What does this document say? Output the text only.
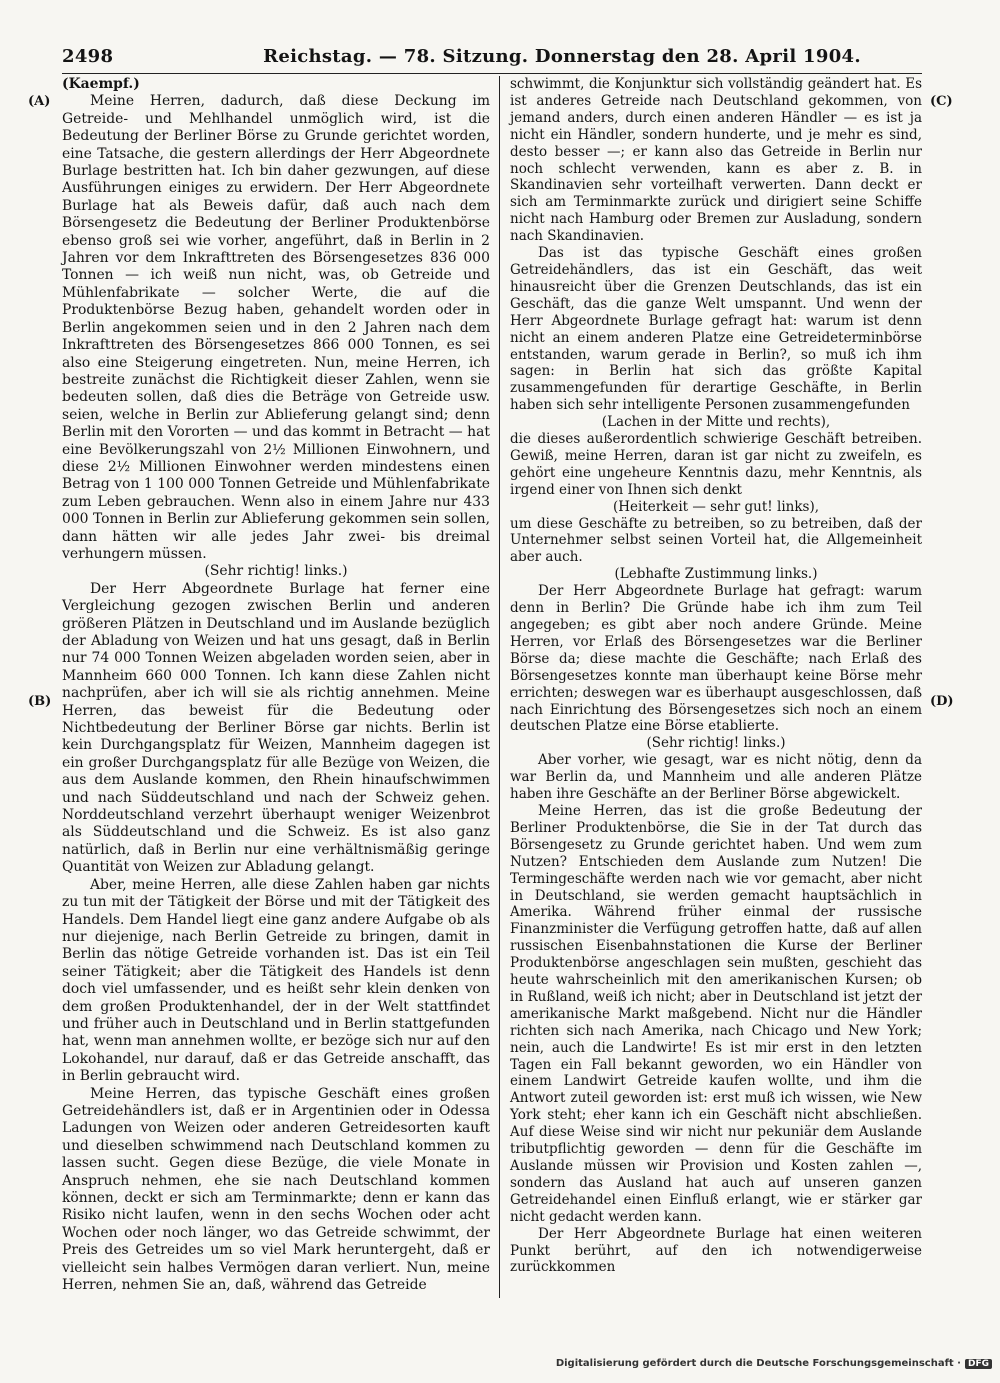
2498	Reichstag. — 78. Sitzung. Donnerstag den 28. April 1904.
(A)
(B)
(C)
(D)

(Kaempf.)

Meine Herren, dadurch, daß diese Deckung im Getreide- und Mehlhandel unmöglich wird, ist die Bedeutung der Berliner Börse zu Grunde gerichtet worden, eine Tatsache, die gestern allerdings der Herr Abgeordnete Burlage bestritten hat. Ich bin daher gezwungen, auf diese Ausführungen einiges zu erwidern. Der Herr Abgeordnete Burlage hat als Beweis dafür, daß auch nach dem Börsengesetz die Bedeutung der Berliner Produktenbörse ebenso groß sei wie vorher, angeführt, daß in Berlin in 2 Jahren vor dem Inkrafttreten des Börsengesetzes 836 000 Tonnen — ich weiß nun nicht, was, ob Getreide und Mühlenfabrikate — solcher Werte, die auf die Produktenbörse Bezug haben, gehandelt worden oder in Berlin angekommen seien und in den 2 Jahren nach dem Inkrafttreten des Börsengesetzes 866 000 Tonnen, es sei also eine Steigerung eingetreten. Nun, meine Herren, ich bestreite zunächst die Richtigkeit dieser Zahlen, wenn sie bedeuten sollen, daß dies die Beträge von Getreide usw. seien, welche in Berlin zur Ablieferung gelangt sind; denn Berlin mit den Vororten — und das kommt in Betracht — hat eine Bevölkerungszahl von 2½ Millionen Einwohnern, und diese 2½ Millionen Einwohner werden mindestens einen Betrag von 1 100 000 Tonnen Getreide und Mühlenfabrikate zum Leben gebrauchen. Wenn also in einem Jahre nur 433 000 Tonnen in Berlin zur Ablieferung gekommen sein sollen, dann hätten wir alle jedes Jahr zwei- bis dreimal verhungern müssen.

(Sehr richtig! links.)

Der Herr Abgeordnete Burlage hat ferner eine Vergleichung gezogen zwischen Berlin und anderen größeren Plätzen in Deutschland und im Auslande bezüglich der Abladung von Weizen und hat uns gesagt, daß in Berlin nur 74 000 Tonnen Weizen abgeladen worden seien, aber in Mannheim 660 000 Tonnen. Ich kann diese Zahlen nicht nachprüfen, aber ich will sie als richtig annehmen. Meine Herren, das beweist für die Bedeutung oder Nichtbedeutung der Berliner Börse gar nichts. Berlin ist kein Durchgangsplatz für Weizen, Mannheim dagegen ist ein großer Durchgangsplatz für alle Bezüge von Weizen, die aus dem Auslande kommen, den Rhein hinaufschwimmen und nach Süddeutschland und nach der Schweiz gehen. Norddeutschland verzehrt überhaupt weniger Weizenbrot als Süddeutschland und die Schweiz. Es ist also ganz natürlich, daß in Berlin nur eine verhältnismäßig geringe Quantität von Weizen zur Abladung gelangt.

Aber, meine Herren, alle diese Zahlen haben gar nichts zu tun mit der Tätigkeit der Börse und mit der Tätigkeit des Handels. Dem Handel liegt eine ganz andere Aufgabe ob als nur diejenige, nach Berlin Getreide zu bringen, damit in Berlin das nötige Getreide vorhanden ist. Das ist ein Teil seiner Tätigkeit; aber die Tätigkeit des Handels ist denn doch viel umfassender, und es heißt sehr klein denken von dem großen Produktenhandel, der in der Welt stattfindet und früher auch in Deutschland und in Berlin stattgefunden hat, wenn man annehmen wollte, er bezöge sich nur auf den Lokohandel, nur darauf, daß er das Getreide anschafft, das in Berlin gebraucht wird.

Meine Herren, das typische Geschäft eines großen Getreidehändlers ist, daß er in Argentinien oder in Odessa Ladungen von Weizen oder anderen Getreidesorten kauft und dieselben schwimmend nach Deutschland kommen zu lassen sucht. Gegen diese Bezüge, die viele Monate in Anspruch nehmen, ehe sie nach Deutschland kommen können, deckt er sich am Terminmarkte; denn er kann das Risiko nicht laufen, wenn in den sechs Wochen oder acht Wochen oder noch länger, wo das Getreide schwimmt, der Preis des Getreides um so viel Mark heruntergeht, daß er vielleicht sein halbes Vermögen daran verliert. Nun, meine Herren, nehmen Sie an, daß, während das Getreide

schwimmt, die Konjunktur sich vollständig geändert hat. Es ist anderes Getreide nach Deutschland gekommen, von jemand anders, durch einen anderen Händler — es ist ja nicht ein Händler, sondern hunderte, und je mehr es sind, desto besser —; er kann also das Getreide in Berlin nur noch schlecht verwenden, kann es aber z. B. in Skandinavien sehr vorteilhaft verwerten. Dann deckt er sich am Terminmarkte zurück und dirigiert seine Schiffe nicht nach Hamburg oder Bremen zur Ausladung, sondern nach Skandinavien.

Das ist das typische Geschäft eines großen Getreidehändlers, das ist ein Geschäft, das weit hinausreicht über die Grenzen Deutschlands, das ist ein Geschäft, das die ganze Welt umspannt. Und wenn der Herr Abgeordnete Burlage gefragt hat: warum ist denn nicht an einem anderen Platze eine Getreideterminbörse entstanden, warum gerade in Berlin?, so muß ich ihm sagen: in Berlin hat sich das größte Kapital zusammengefunden für derartige Geschäfte, in Berlin haben sich sehr intelligente Personen zusammengefunden

(Lachen in der Mitte und rechts),

die dieses außerordentlich schwierige Geschäft betreiben. Gewiß, meine Herren, daran ist gar nicht zu zweifeln, es gehört eine ungeheure Kenntnis dazu, mehr Kenntnis, als irgend einer von Ihnen sich denkt

(Heiterkeit — sehr gut! links),

um diese Geschäfte zu betreiben, so zu betreiben, daß der Unternehmer selbst seinen Vorteil hat, die Allgemeinheit aber auch.

(Lebhafte Zustimmung links.)

Der Herr Abgeordnete Burlage hat gefragt: warum denn in Berlin? Die Gründe habe ich ihm zum Teil angegeben; es gibt aber noch andere Gründe. Meine Herren, vor Erlaß des Börsengesetzes war die Berliner Börse da; diese machte die Geschäfte; nach Erlaß des Börsengesetzes konnte man überhaupt keine Börse mehr errichten; deswegen war es überhaupt ausgeschlossen, daß nach Einrichtung des Börsengesetzes sich noch an einem deutschen Platze eine Börse etablierte.

(Sehr richtig! links.)

Aber vorher, wie gesagt, war es nicht nötig, denn da war Berlin da, und Mannheim und alle anderen Plätze haben ihre Geschäfte an der Berliner Börse abgewickelt.

Meine Herren, das ist die große Bedeutung der Berliner Produktenbörse, die Sie in der Tat durch das Börsengesetz zu Grunde gerichtet haben. Und wem zum Nutzen? Entschieden dem Auslande zum Nutzen! Die Termingeschäfte werden nach wie vor gemacht, aber nicht in Deutschland, sie werden gemacht hauptsächlich in Amerika. Während früher einmal der russische Finanzminister die Verfügung getroffen hatte, daß auf allen russischen Eisenbahnstationen die Kurse der Berliner Produktenbörse angeschlagen sein mußten, geschieht das heute wahrscheinlich mit den amerikanischen Kursen; ob in Rußland, weiß ich nicht; aber in Deutschland ist jetzt der amerikanische Markt maßgebend. Nicht nur die Händler richten sich nach Amerika, nach Chicago und New York; nein, auch die Landwirte! Es ist mir erst in den letzten Tagen ein Fall bekannt geworden, wo ein Händler von einem Landwirt Getreide kaufen wollte, und ihm die Antwort zuteil geworden ist: erst muß ich wissen, wie New York steht; eher kann ich ein Geschäft nicht abschließen. Auf diese Weise sind wir nicht nur pekuniär dem Auslande tributpflichtig geworden — denn für die Geschäfte im Auslande müssen wir Provision und Kosten zahlen —, sondern das Ausland hat auch auf unseren ganzen Getreidehandel einen Einfluß erlangt, wie er stärker gar nicht gedacht werden kann.

Der Herr Abgeordnete Burlage hat einen weiteren Punkt berührt, auf den ich notwendigerweise zurückkommen

Digitalisierung gefördert durch die Deutsche Forschungsgemeinschaft · DFG
